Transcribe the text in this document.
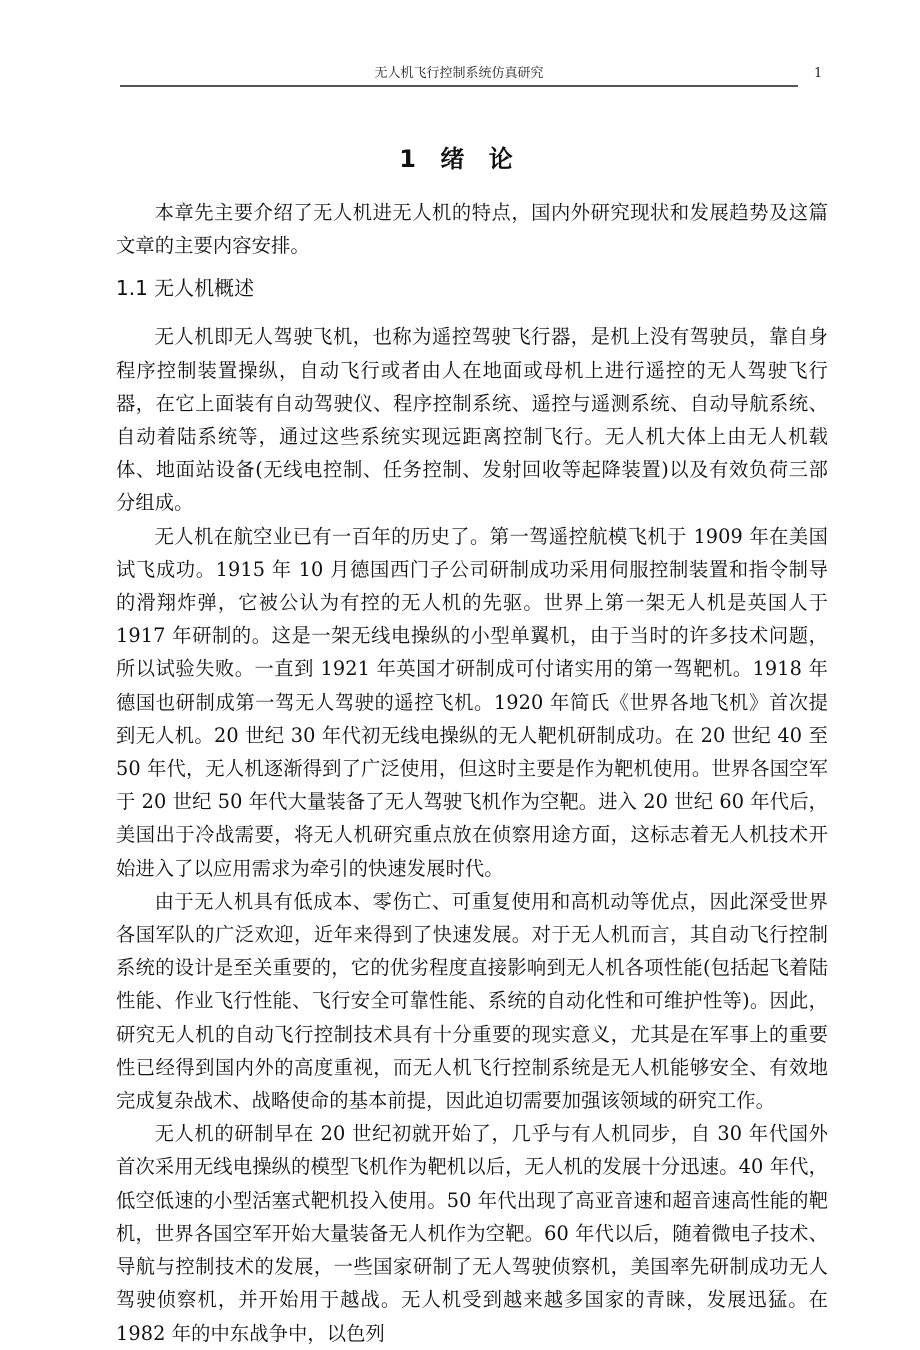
无人机飞行控制系统仿真研究	1
1 绪 论

本章先主要介绍了无人机进无人机的特点，国内外研究现状和发展趋势及这篇文章的主要内容安排。

1.1 无人机概述

无人机即无人驾驶飞机，也称为遥控驾驶飞行器，是机上没有驾驶员，靠自身程序控制装置操纵，自动飞行或者由人在地面或母机上进行遥控的无人驾驶飞行器，在它上面装有自动驾驶仪、程序控制系统、遥控与遥测系统、自动导航系统、自动着陆系统等，通过这些系统实现远距离控制飞行。无人机大体上由无人机载体、地面站设备(无线电控制、任务控制、发射回收等起降装置)以及有效负荷三部分组成。

无人机在航空业已有一百年的历史了。第一驾遥控航模飞机于 1909 年在美国试飞成功。1915 年 10 月德国西门子公司研制成功采用伺服控制装置和指令制导的滑翔炸弹，它被公认为有控的无人机的先驱。世界上第一架无人机是英国人于 1917 年研制的。这是一架无线电操纵的小型单翼机，由于当时的许多技术问题，所以试验失败。一直到 1921 年英国才研制成可付诸实用的第一驾靶机。1918 年德国也研制成第一驾无人驾驶的遥控飞机。1920 年简氏《世界各地飞机》首次提到无人机。20 世纪 30 年代初无线电操纵的无人靶机研制成功。在 20 世纪 40 至 50 年代，无人机逐渐得到了广泛使用，但这时主要是作为靶机使用。世界各国空军于 20 世纪 50 年代大量装备了无人驾驶飞机作为空靶。进入 20 世纪 60 年代后，美国出于冷战需要，将无人机研究重点放在侦察用途方面，这标志着无人机技术开始进入了以应用需求为牵引的快速发展时代。

由于无人机具有低成本、零伤亡、可重复使用和高机动等优点，因此深受世界各国军队的广泛欢迎，近年来得到了快速发展。对于无人机而言，其自动飞行控制系统的设计是至关重要的，它的优劣程度直接影响到无人机各项性能(包括起飞着陆性能、作业飞行性能、飞行安全可靠性能、系统的自动化性和可维护性等)。因此，研究无人机的自动飞行控制技术具有十分重要的现实意义，尤其是在军事上的重要性已经得到国内外的高度重视，而无人机飞行控制系统是无人机能够安全、有效地完成复杂战术、战略使命的基本前提，因此迫切需要加强该领域的研究工作。

无人机的研制早在 20 世纪初就开始了，几乎与有人机同步，自 30 年代国外首次采用无线电操纵的模型飞机作为靶机以后，无人机的发展十分迅速。40 年代，低空低速的小型活塞式靶机投入使用。50 年代出现了高亚音速和超音速高性能的靶机，世界各国空军开始大量装备无人机作为空靶。60 年代以后，随着微电子技术、导航与控制技术的发展，一些国家研制了无人驾驶侦察机，美国率先研制成功无人驾驶侦察机，并开始用于越战。无人机受到越来越多国家的青睐，发展迅猛。在 1982 年的中东战争中，以色列
